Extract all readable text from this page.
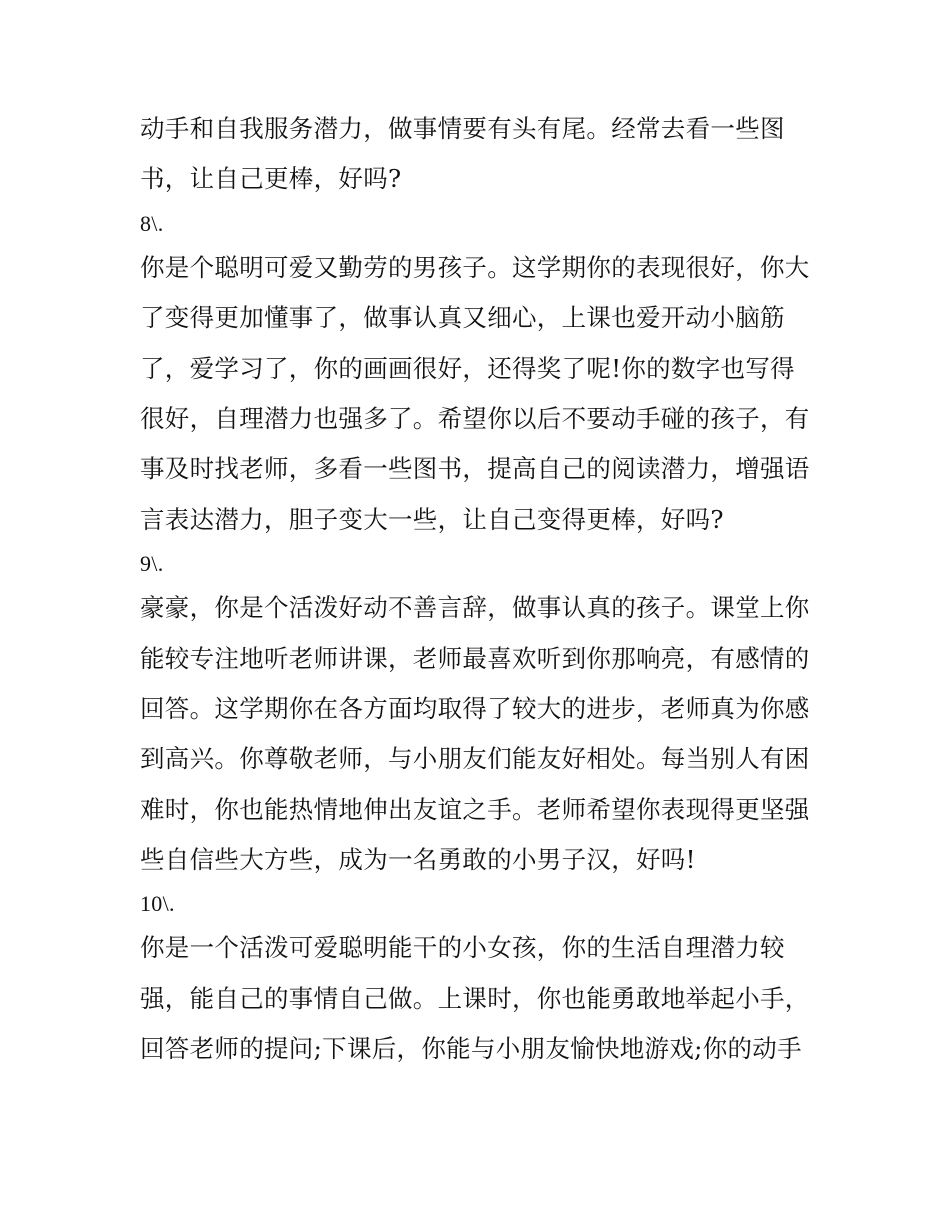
动手和自我服务潜力，做事情要有头有尾。经常去看一些图
书，让自己更棒，好吗?
8\.
你是个聪明可爱又勤劳的男孩子。这学期你的表现很好，你大
了变得更加懂事了，做事认真又细心，上课也爱开动小脑筋
了，爱学习了，你的画画很好，还得奖了呢!你的数字也写得
很好，自理潜力也强多了。希望你以后不要动手碰的孩子，有
事及时找老师，多看一些图书，提高自己的阅读潜力，增强语
言表达潜力，胆子变大一些，让自己变得更棒，好吗?
9\.
豪豪，你是个活泼好动不善言辞，做事认真的孩子。课堂上你
能较专注地听老师讲课，老师最喜欢听到你那响亮，有感情的
回答。这学期你在各方面均取得了较大的进步，老师真为你感
到高兴。你尊敬老师，与小朋友们能友好相处。每当别人有困
难时，你也能热情地伸出友谊之手。老师希望你表现得更坚强
些自信些大方些，成为一名勇敢的小男子汉，好吗!
10\.
你是一个活泼可爱聪明能干的小女孩，你的生活自理潜力较
强，能自己的事情自己做。上课时，你也能勇敢地举起小手，
回答老师的提问;下课后，你能与小朋友愉快地游戏;你的动手
